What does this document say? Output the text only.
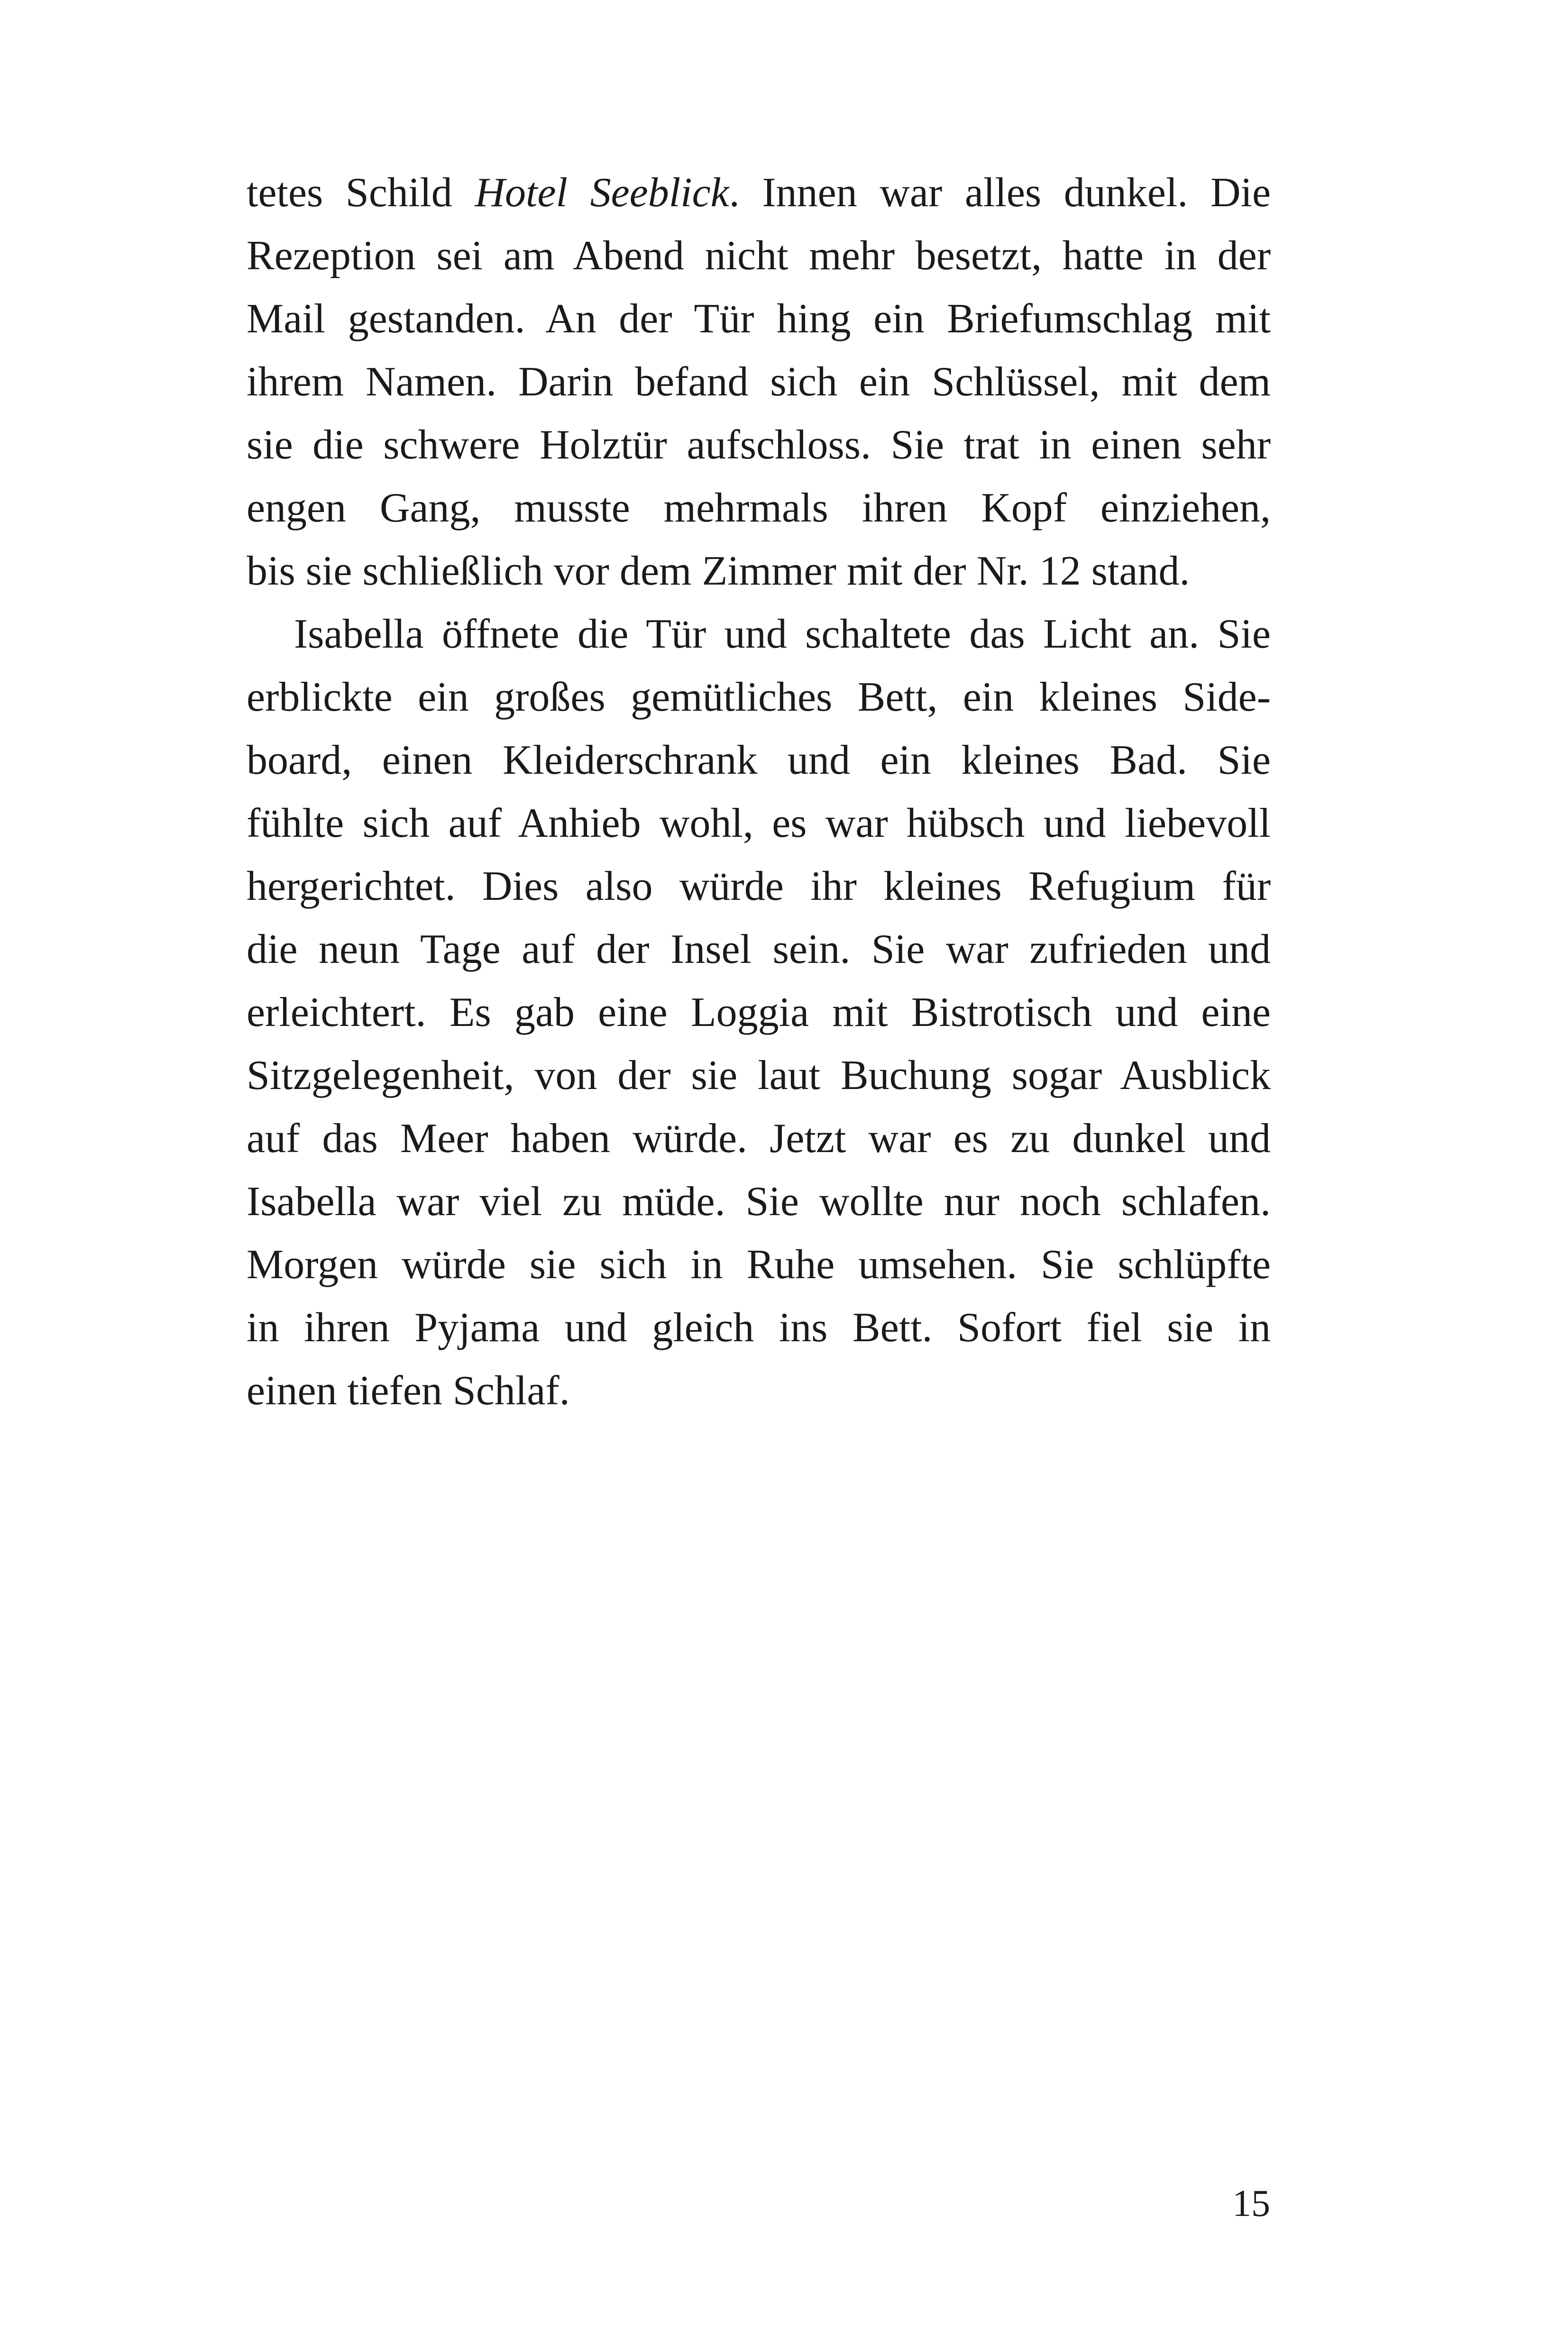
tetes Schild Hotel Seeblick. Innen war alles dunkel. Die
Rezeption sei am Abend nicht mehr besetzt, hatte in der
Mail gestanden. An der Tür hing ein Briefumschlag mit
ihrem Namen. Darin befand sich ein Schlüssel, mit dem
sie die schwere Holztür aufschloss. Sie trat in einen sehr
engen Gang, musste mehrmals ihren Kopf einziehen,
bis sie schließlich vor dem Zimmer mit der Nr. 12 stand.
Isabella öffnete die Tür und schaltete das Licht an. Sie
erblickte ein großes gemütliches Bett, ein kleines Side-
board, einen Kleiderschrank und ein kleines Bad. Sie
fühlte sich auf Anhieb wohl, es war hübsch und liebevoll
hergerichtet. Dies also würde ihr kleines Refugium für
die neun Tage auf der Insel sein. Sie war zufrieden und
erleichtert. Es gab eine Loggia mit Bistrotisch und eine
Sitzgelegenheit, von der sie laut Buchung sogar Ausblick
auf das Meer haben würde. Jetzt war es zu dunkel und
Isabella war viel zu müde. Sie wollte nur noch schlafen.
Morgen würde sie sich in Ruhe umsehen. Sie schlüpfte
in ihren Pyjama und gleich ins Bett. Sofort fiel sie in
einen tiefen Schlaf.
15
